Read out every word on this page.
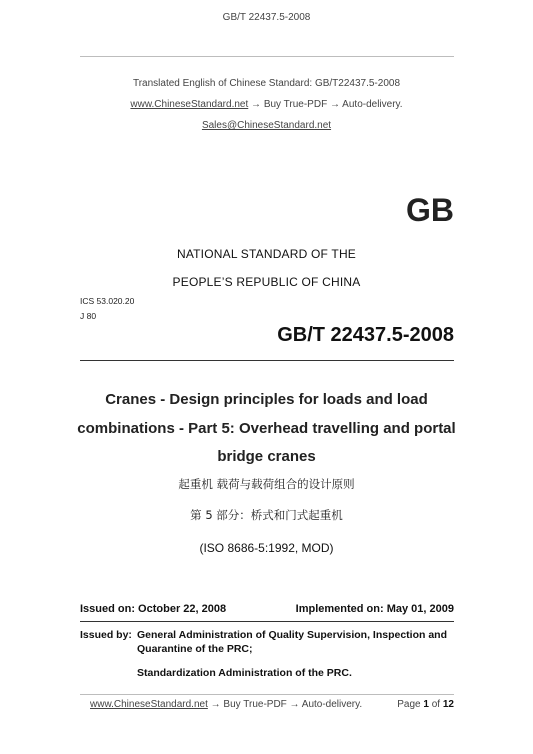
GB/T 22437.5-2008
Translated English of Chinese Standard: GB/T22437.5-2008
www.ChineseStandard.net → Buy True-PDF → Auto-delivery.
Sales@ChineseStandard.net
GB
NATIONAL STANDARD OF THE
PEOPLE’S REPUBLIC OF CHINA
ICS 53.020.20
J 80
GB/T 22437.5-2008
Cranes - Design principles for loads and load
combinations - Part 5: Overhead travelling and portal
bridge cranes
起重机 载荷与载荷组合的设计原则
第 5 部分：桥式和门式起重机
(ISO 8686-5:1992, MOD)
Issued on: October 22, 2008	Implemented on: May 01, 2009
Issued by: General Administration of Quality Supervision, Inspection and
Quarantine of the PRC;
Standardization Administration of the PRC.
www.ChineseStandard.net → Buy True-PDF → Auto-delivery.	Page 1 of 12
